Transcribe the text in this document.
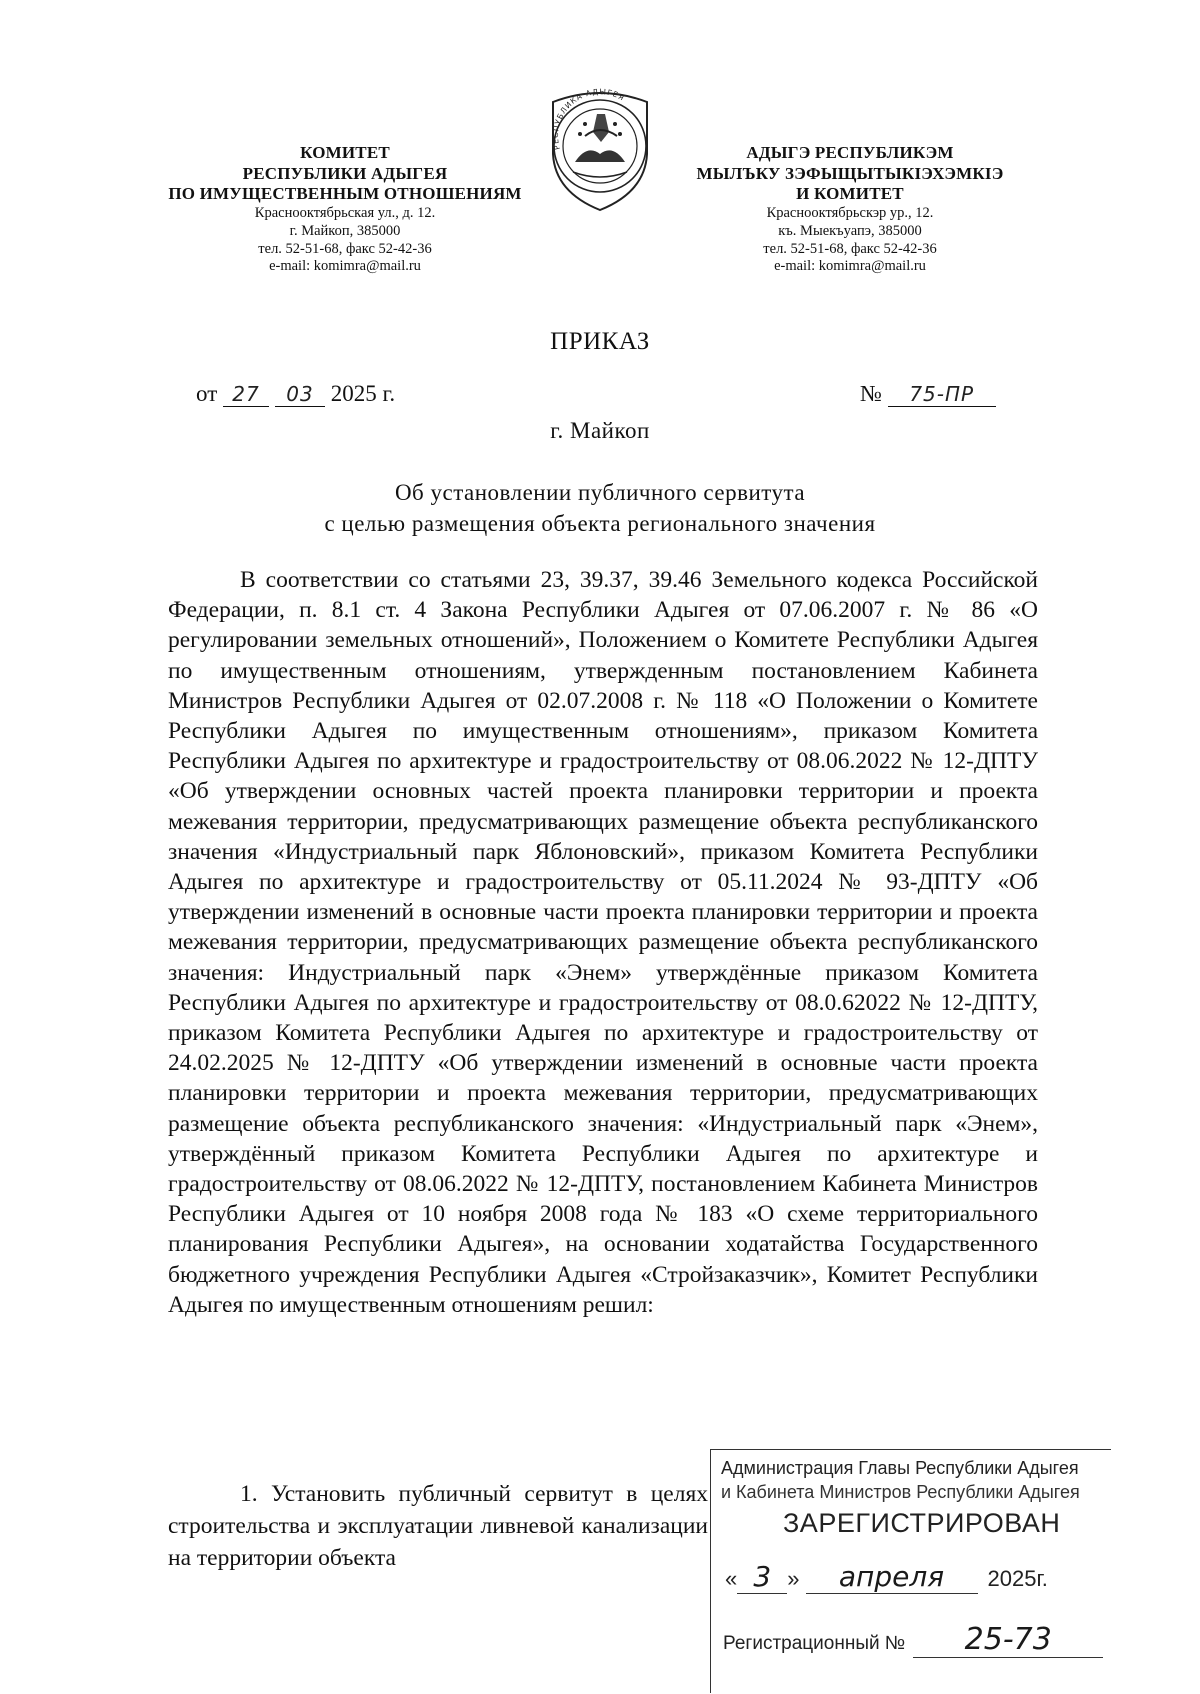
КОМИТЕТ
РЕСПУБЛИКИ АДЫГЕЯ
ПО ИМУЩЕСТВЕННЫМ ОТНОШЕНИЯМ
Краснооктябрьская ул., д. 12.
г. Майкоп, 385000
тел. 52-51-68, факс 52-42-36
e-mail: komimra@mail.ru
РЕСПУБЛИКА АДЫГЕЯ
АДЫГЭ РЕСПУБЛИКЭМ
МЫЛЪКУ ЗЭФЫЩЫТЫКIЭХЭМКIЭ
И КОМИТЕТ
Краснооктябрьскэр ур., 12.
къ. Мыекъуапэ, 385000
тел. 52-51-68, факс 52-42-36
e-mail: komimra@mail.ru
ПРИКАЗ
от 27 03 2025 г.	№ 75-ПР
г. Майкоп
Об установлении публичного сервитута
с целью размещения объекта регионального значения
В соответствии со статьями 23, 39.37, 39.46 Земельного кодекса Российской Федерации, п. 8.1 ст. 4 Закона Республики Адыгея от 07.06.2007 г. № 86 «О регулировании земельных отношений», Положением о Комитете Республики Адыгея по имущественным отношениям, утвержденным постановлением Кабинета Министров Республики Адыгея от 02.07.2008 г. № 118 «О Положении о Комитете Республики Адыгея по имущественным отношениям», приказом Комитета Республики Адыгея по архитектуре и градостроительству от 08.06.2022 № 12-ДПТУ «Об утверждении основных частей проекта планировки территории и проекта межевания территории, предусматривающих размещение объекта республиканского значения «Индустриальный парк Яблоновский», приказом Комитета Республики Адыгея по архитектуре и градостроительству от 05.11.2024 № 93-ДПТУ «Об утверждении изменений в основные части проекта планировки территории и проекта межевания территории, предусматривающих размещение объекта республиканского значения: Индустриальный парк «Энем» утверждённые приказом Комитета Республики Адыгея по архитектуре и градостроительству от 08.0.62022 № 12-ДПТУ, приказом Комитета Республики Адыгея по архитектуре и градостроительству от 24.02.2025 № 12-ДПТУ «Об утверждении изменений в основные части проекта планировки территории и проекта межевания территории, предусматривающих размещение объекта республиканского значения: «Индустриальный парк «Энем», утверждённый приказом Комитета Республики Адыгея по архитектуре и градостроительству от 08.06.2022 № 12-ДПТУ, постановлением Кабинета Министров Республики Адыгея от 10 ноября 2008 года № 183 «О схеме территориального планирования Республики Адыгея», на основании ходатайства Государственного бюджетного учреждения Республики Адыгея «Стройзаказчик», Комитет Республики Адыгея по имущественным отношениям решил:
1. Установить публичный сервитут в целях строительства и эксплуатации ливневой канализации на территории объекта
Администрация Главы Республики Адыгея
и Кабинета Министров Республики Адыгея
ЗАРЕГИСТРИРОВАН
« 3 » апреля 2025г.
Регистрационный № 25-73
